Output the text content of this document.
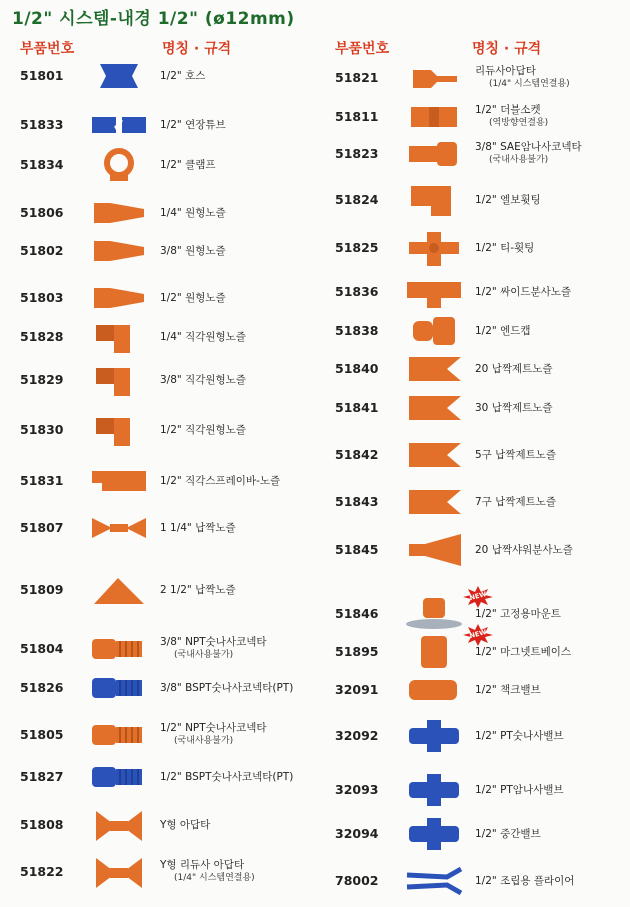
1/2" 시스템-내경 1/2" (ø12mm)
부품번호	명칭 · 규격	부품번호	명칭 · 규격
51801	1/2" 호스
51833	1/2" 연장튜브
51834	1/2" 클램프
51806	1/4" 원형노즐
51802	3/8" 원형노즐
51803	1/2" 원형노즐
51828	1/4" 직각원형노즐
51829	3/8" 직각원형노즐
51830	1/2" 직각원형노즐
51831	1/2" 직각스프레이바-노즐
51807	1 1/4" 납짝노즐
51809	2 1/2" 납짝노즐
51804	3/8" NPT숫나사코넥타
(국내사용불가)
51826	3/8" BSPT숫나사코넥타(PT)
51805	1/2" NPT숫나사코넥타
(국내사용불가)
51827	1/2" BSPT숫나사코넥타(PT)
51808	Y형 아답타
51822	Y형 리듀사 아답타
(1/4" 시스템연결용)
51821	리듀사아답타
(1/4" 시스템연결용)
51811	1/2" 더블소켓
(역방향연결용)
51823	3/8" SAE암나사코넥타
(국내사용불가)
51824	1/2" 엘보휫팅
51825	1/2" 티-휫팅
51836	1/2" 싸이드분사노즐
51838	1/2" 엔드캡
51840	20 납짝제트노즐
51841	30 납짝제트노즐
51842	5구 납짝제트노즐
51843	7구 납짝제트노즐
51845	20 납짝샤워분사노즐
51846	1/2" 고정용마운트
NEW
51895	1/2" 마그넷트베이스
NEW
32091	1/2" 책크밸브
32092	1/2" PT숫나사밸브
32093	1/2" PT암나사밸브
32094	1/2" 중간밸브
78002	1/2" 조립용 플라이어
